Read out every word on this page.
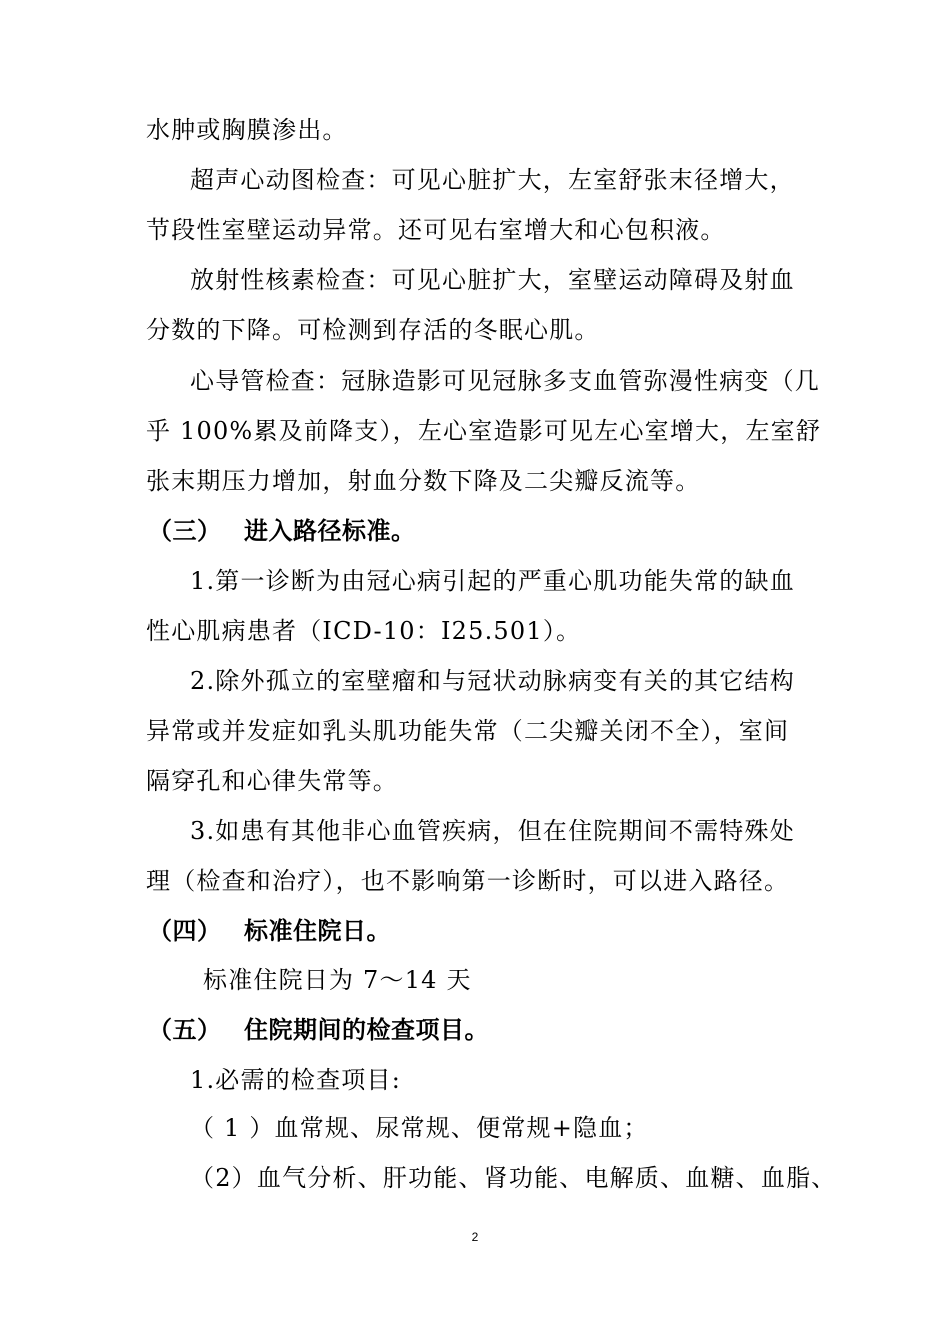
水肿或胸膜渗出。
超声心动图检查：可见心脏扩大，左室舒张末径增大，
节段性室壁运动异常。还可见右室增大和心包积液。
放射性核素检查：可见心脏扩大，室壁运动障碍及射血
分数的下降。可检测到存活的冬眠心肌。
心导管检查：冠脉造影可见冠脉多支血管弥漫性病变（几
乎 100%累及前降支），左心室造影可见左心室增大，左室舒
张末期压力增加，射血分数下降及二尖瓣反流等。
（三） 进入路径标准。
1.第一诊断为由冠心病引起的严重心肌功能失常的缺血
性心肌病患者（ICD-10：I25.501）。
2.除外孤立的室壁瘤和与冠状动脉病变有关的其它结构
异常或并发症如乳头肌功能失常（二尖瓣关闭不全），室间
隔穿孔和心律失常等。
3.如患有其他非心血管疾病，但在住院期间不需特殊处
理（检查和治疗），也不影响第一诊断时，可以进入路径。
（四） 标准住院日。
标准住院日为 7～14 天
（五） 住院期间的检查项目。
1.必需的检查项目:
（ 1 ）血常规、尿常规、便常规+隐血；
（2）血气分析、肝功能、肾功能、电解质、血糖、血脂、
2
